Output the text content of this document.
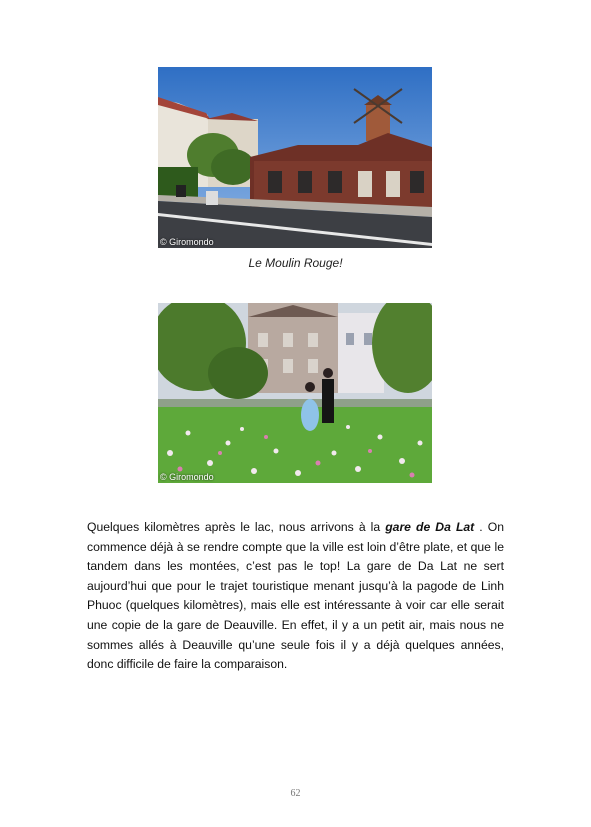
© Giromondo
Le Moulin Rouge!
© Giromondo

Quelques kilomètres après le lac, nous arrivons à la gare de Da Lat . On commence déjà à se rendre compte que la ville est loin d’être plate, et que le tandem dans les montées, c’est pas le top! La gare de Da Lat ne sert aujourd’hui que pour le trajet touristique menant jusqu’à la pagode de Linh Phuoc (quelques kilomètres), mais elle est intéressante à voir car elle serait une copie de la gare de Deauville. En effet, il y a un petit air, mais nous ne sommes allés à Deauville qu’une seule fois il y a déjà quelques années, donc difficile de faire la comparaison.

62
